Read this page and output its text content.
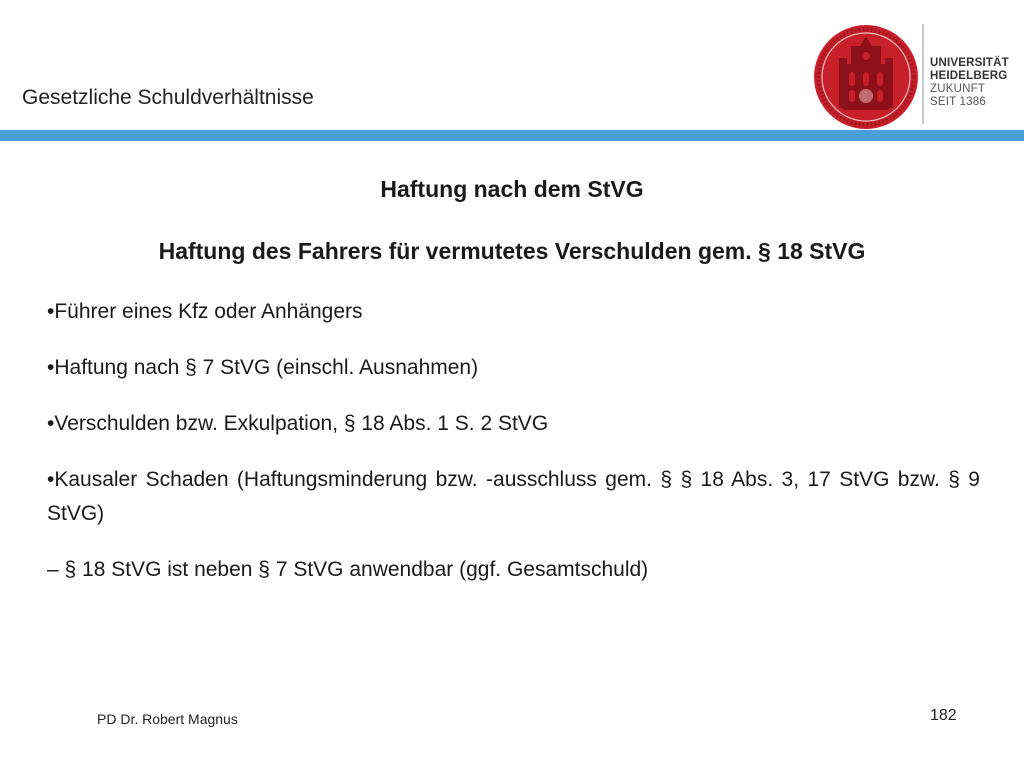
Gesetzliche Schuldverhältnisse
UNIVERSITÄT
HEIDELBERG
ZUKUNFT
SEIT 1386
Haftung nach dem StVG
Haftung des Fahrers für vermutetes Verschulden gem. § 18 StVG
•Führer eines Kfz oder Anhängers
•Haftung nach § 7 StVG (einschl. Ausnahmen)
•Verschulden bzw. Exkulpation, § 18 Abs. 1 S. 2 StVG
•Kausaler Schaden (Haftungsminderung bzw. -ausschluss gem. § § 18 Abs. 3, 17 StVG bzw. § 9 StVG)
– § 18 StVG ist neben § 7 StVG anwendbar (ggf. Gesamtschuld)
PD Dr. Robert Magnus	182
